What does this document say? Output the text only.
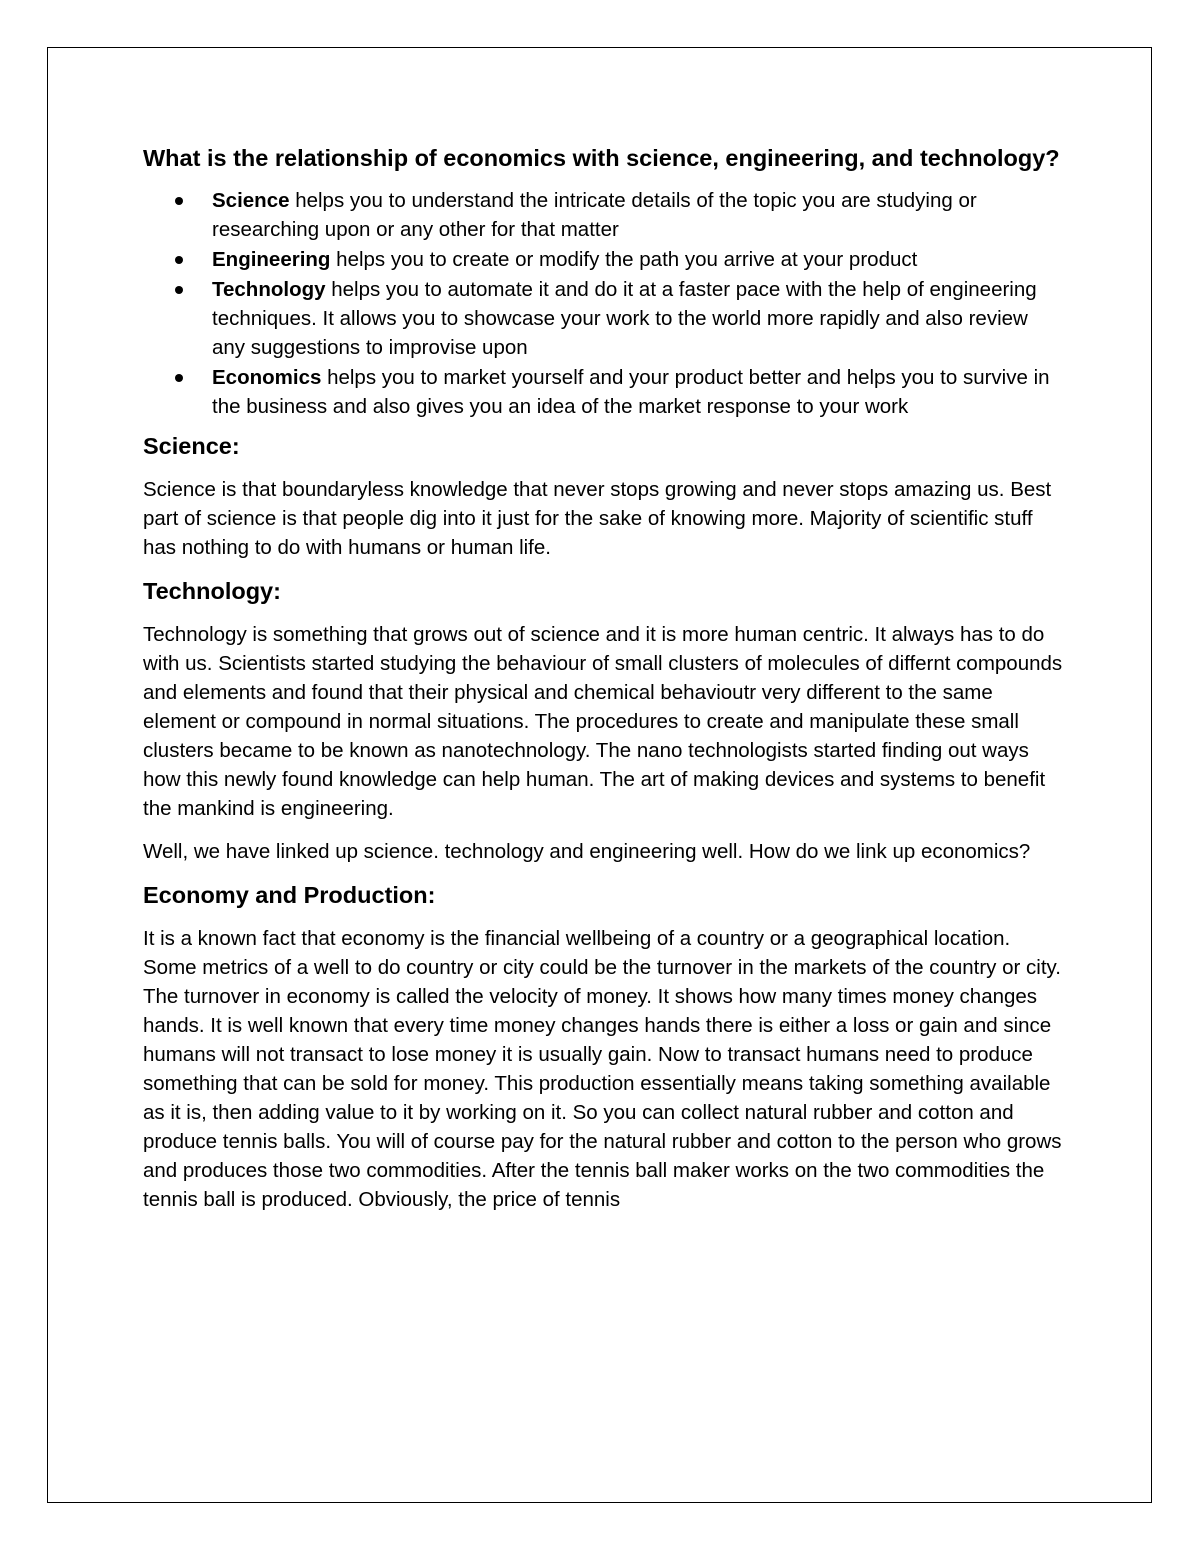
What is the relationship of economics with science, engineering, and technology?
Science helps you to understand the intricate details of the topic you are studying or researching upon or any other for that matter
Engineering helps you to create or modify the path you arrive at your product
Technology helps you to automate it and do it at a faster pace with the help of engineering techniques. It allows you to showcase your work to the world more rapidly and also review any suggestions to improvise upon
Economics helps you to market yourself and your product better and helps you to survive in the business and also gives you an idea of the market response to your work
Science:

Science is that boundaryless knowledge that never stops growing and never stops amazing us. Best part of science is that people dig into it just for the sake of knowing more. Majority of scientific stuff has nothing to do with humans or human life.

Technology:

Technology is something that grows out of science and it is more human centric. It always has to do with us. Scientists started studying the behaviour of small clusters of molecules of differnt compounds and elements and found that their physical and chemical behavioutr very different to the same element or compound in normal situations. The procedures to create and manipulate these small clusters became to be known as nanotechnology. The nano technologists started finding out ways how this newly found knowledge can help human. The art of making devices and systems to benefit the mankind is engineering.

Well, we have linked up science. technology and engineering well. How do we link up economics?

Economy and Production:

It is a known fact that economy is the financial wellbeing of a country or a geographical location. Some metrics of a well to do country or city could be the turnover in the markets of the country or city. The turnover in economy is called the velocity of money. It shows how many times money changes hands. It is well known that every time money changes hands there is either a loss or gain and since humans will not transact to lose money it is usually gain. Now to transact humans need to produce something that can be sold for money. This production essentially means taking something available as it is, then adding value to it by working on it. So you can collect natural rubber and cotton and produce tennis balls. You will of course pay for the natural rubber and cotton to the person who grows and produces those two commodities. After the tennis ball maker works on the two commodities the tennis ball is produced. Obviously, the price of tennis
